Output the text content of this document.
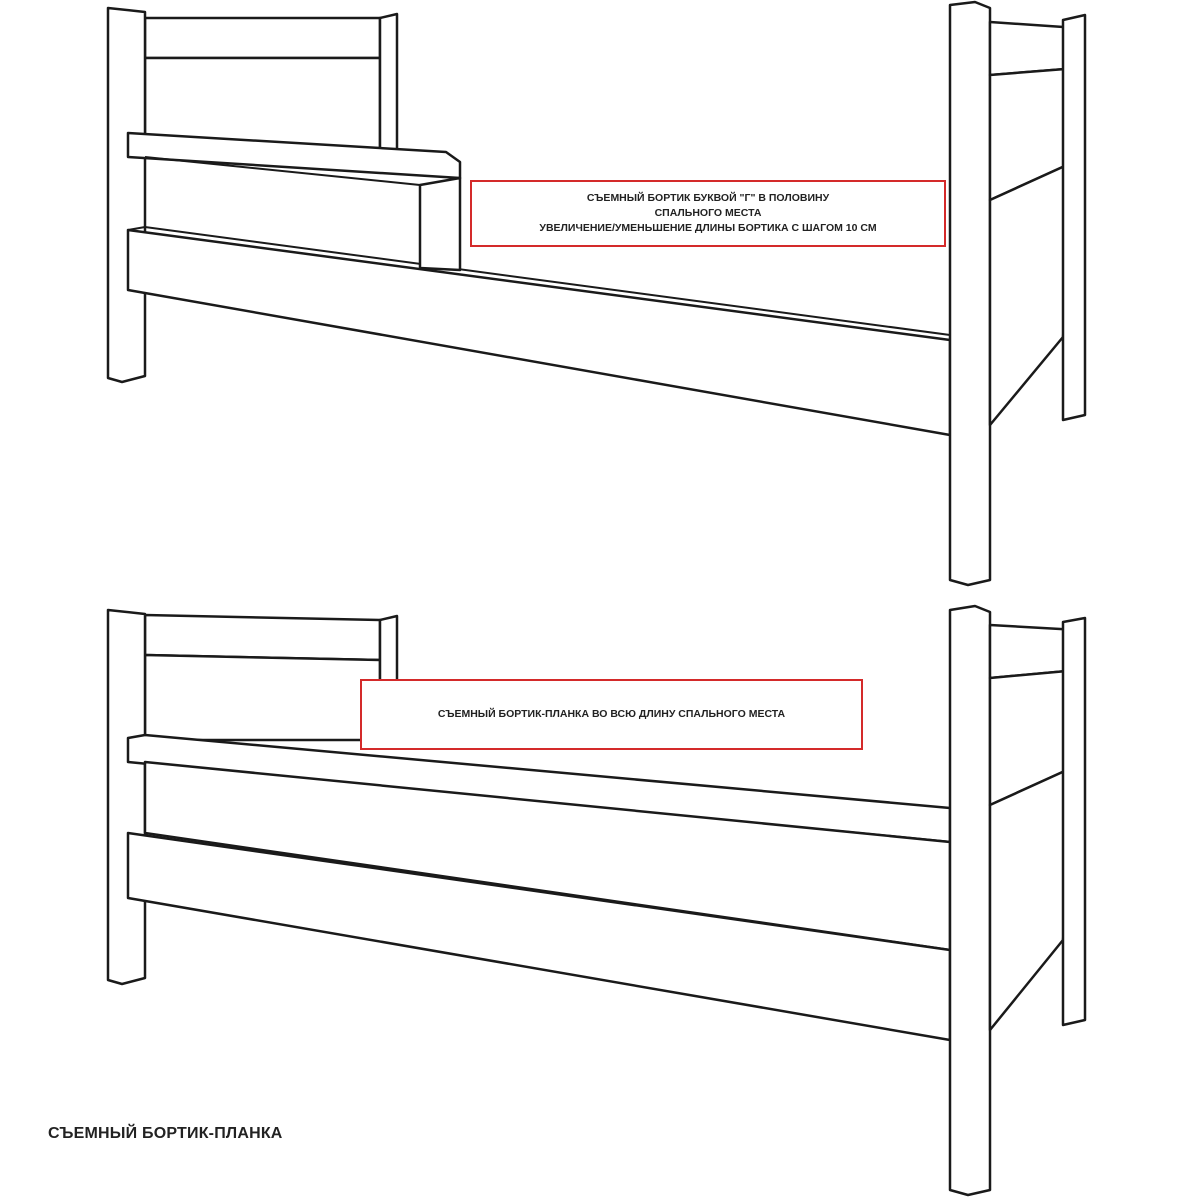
СЪЕМНЫЙ БОРТИК БУКВОЙ "Г" В ПОЛОВИНУ
СПАЛЬНОГО МЕСТА
УВЕЛИЧЕНИЕ/УМЕНЬШЕНИЕ ДЛИНЫ БОРТИКА С ШАГОМ 10 СМ
СЪЕМНЫЙ БОРТИК-ПЛАНКА ВО ВСЮ ДЛИНУ СПАЛЬНОГО МЕСТА
СЪЕМНЫЙ БОРТИК-ПЛАНКА
